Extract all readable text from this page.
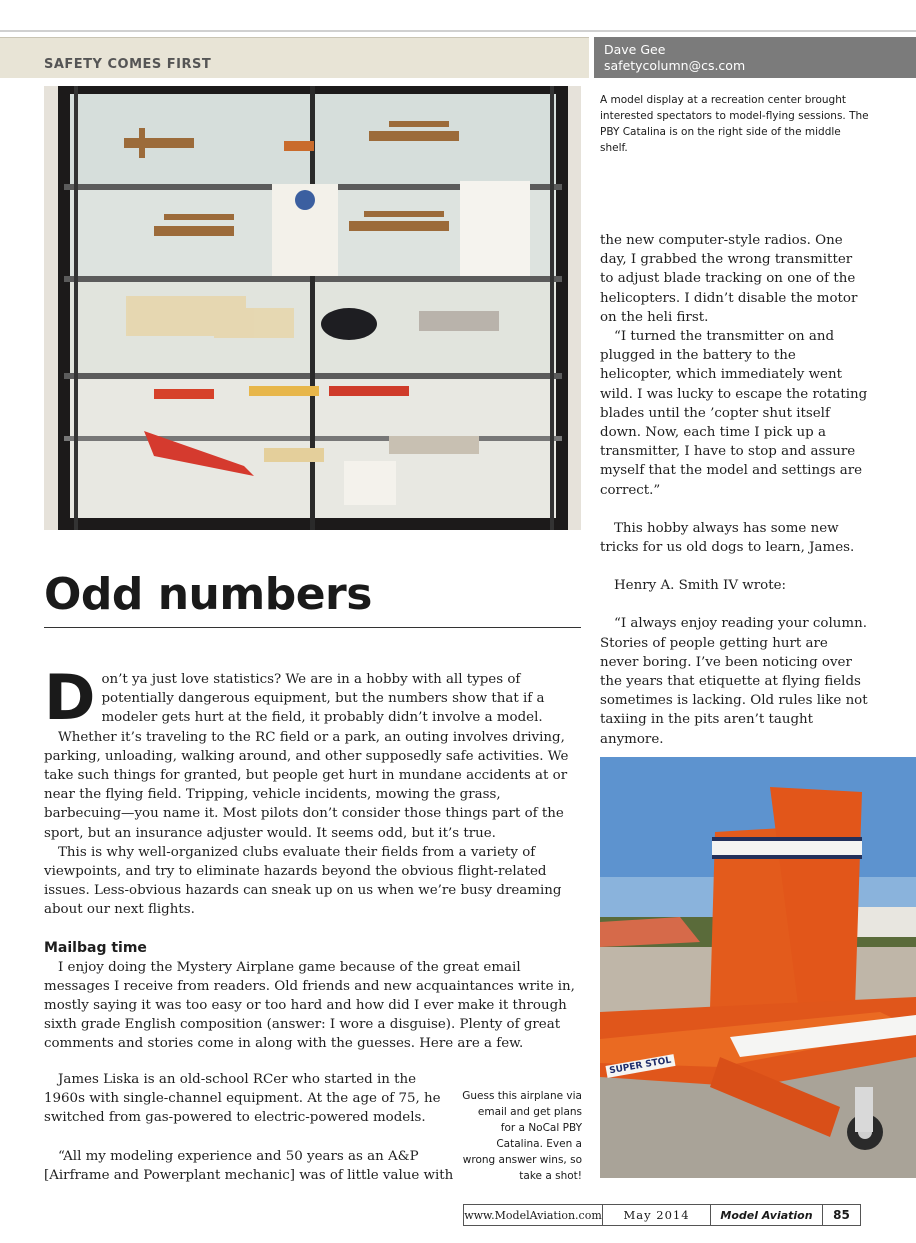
SAFETY COMES FIRST
Dave Gee
safetycolumn@cs.com
A model display at a recreation center brought interested spectators to model-flying sessions. The PBY Catalina is on the right side of the middle shelf.

the new computer-style radios. One day, I grabbed the wrong transmitter to adjust blade tracking on one of the helicopters. I didn’t disable the motor on the heli first.

“I turned the transmitter on and plugged in the battery to the helicopter, which immediately went wild. I was lucky to escape the rotating blades until the ’copter shut itself down. Now, each time I pick up a transmitter, I have to stop and assure myself that the model and settings are correct.”

This hobby always has some new tricks for us old dogs to learn, James.

Henry A. Smith IV wrote:

“I always enjoy reading your column. Stories of people getting hurt are never boring. I’ve been noticing over the years that etiquette at flying fields sometimes is lacking. Old rules like not taxiing in the pits aren’t taught anymore.

Odd numbers

Don’t ya just love statistics? We are in a hobby with all types of potentially dangerous equipment, but the numbers show that if a modeler gets hurt at the field, it probably didn’t involve a model.

Whether it’s traveling to the RC field or a park, an outing involves driving, parking, unloading, walking around, and other supposedly safe activities. We take such things for granted, but people get hurt in mundane accidents at or near the flying field. Tripping, vehicle incidents, mowing the grass, barbecuing—you name it. Most pilots don’t consider those things part of the sport, but an insurance adjuster would. It seems odd, but it’s true.

This is why well-organized clubs evaluate their fields from a variety of viewpoints, and try to eliminate hazards beyond the obvious flight-related issues. Less-obvious hazards can sneak up on us when we’re busy dreaming about our next flights.

Mailbag time

I enjoy doing the Mystery Airplane game because of the great email messages I receive from readers. Old friends and new acquaintances write in, mostly saying it was too easy or too hard and how did I ever make it through sixth grade English composition (answer: I wore a disguise). Plenty of great comments and stories come in along with the guesses. Here are a few.

James Liska is an old-school RCer who started in the 1960s with single-channel equipment. At the age of 75, he switched from gas-powered to electric-powered models.

“All my modeling experience and 50 years as an A&P [Airframe and Powerplant mechanic] was of little value with

Guess this airplane via email and get plans for a NoCal PBY Catalina. Even a wrong answer wins, so take a shot!
SUPER STOL
www.ModelAviation.com	May 2014	Model Aviation	85
